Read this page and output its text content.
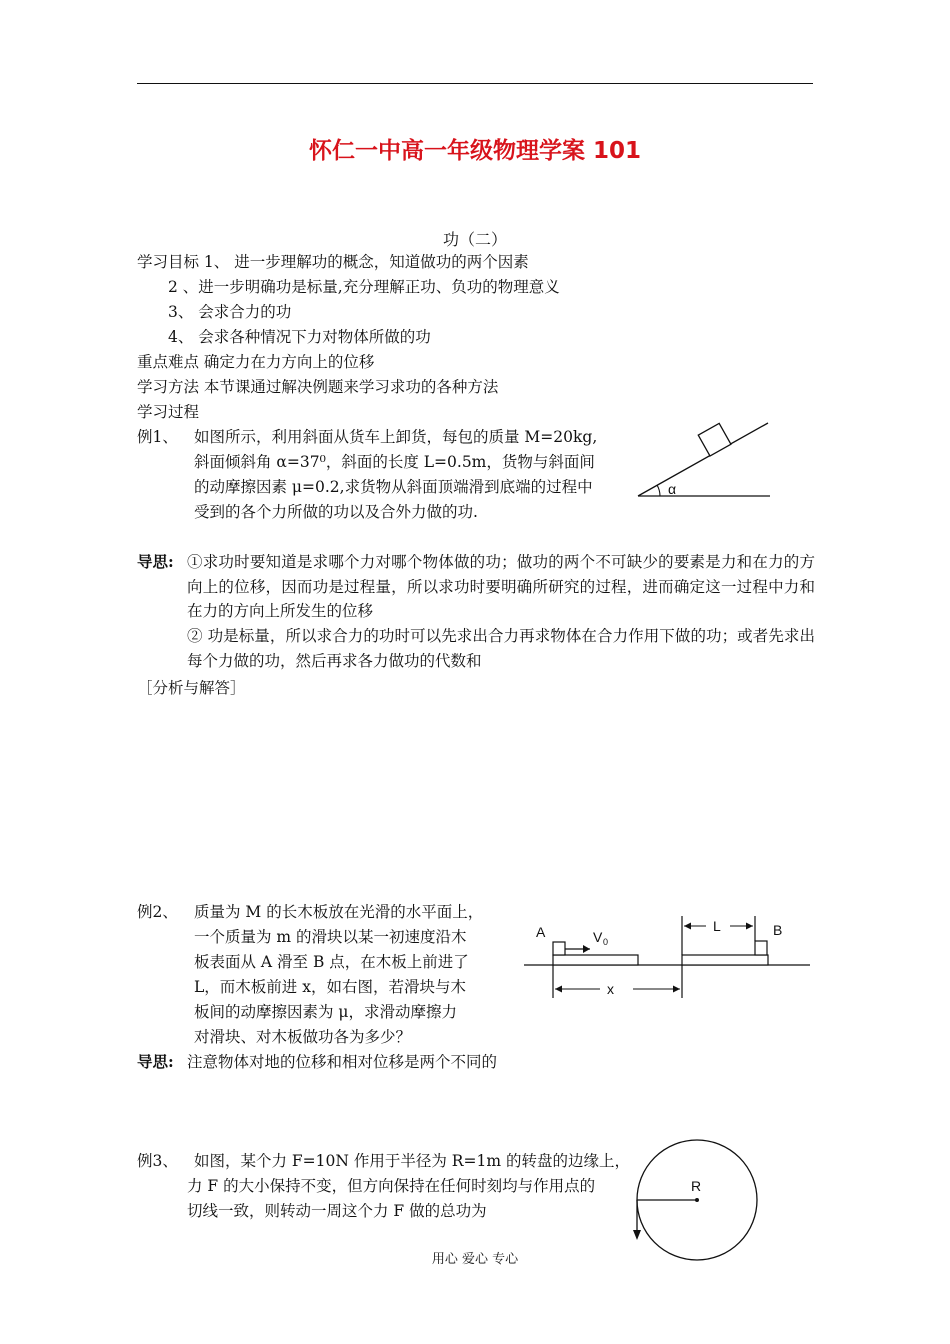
怀仁一中高一年级物理学案 101
功（二）
学习目标 1、 进一步理解功的概念，知道做功的两个因素
2 、进一步明确功是标量,充分理解正功、负功的物理意义
3、 会求合力的功
4、 会求各种情况下力对物体所做的功
重点难点 确定力在力方向上的位移
学习方法 本节课通过解决例题来学习求功的各种方法
学习过程
例1、 如图所示，利用斜面从货车上卸货，每包的质量 M=20kg,
斜面倾斜角 α=37⁰，斜面的长度 L=0.5m，货物与斜面间
的动摩擦因素 μ=0.2,求货物从斜面顶端滑到底端的过程中
受到的各个力所做的功以及合外力做的功.
α
导思: ①求功时要知道是求哪个力对哪个物体做的功；做功的两个不可缺少的要素是力和在力的方向上的位移，因而功是过程量，所以求功时要明确所研究的过程，进而确定这一过程中力和在力的方向上所发生的位移
② 功是标量，所以求合力的功时可以先求出合力再求物体在合力作用下做的功；或者先求出每个力做的功，然后再求各力做功的代数和
［分析与解答］
例2、 质量为 M 的长木板放在光滑的水平面上，
一个质量为 m 的滑块以某一初速度沿木
板表面从 A 滑至 B 点，在木板上前进了
L，而木板前进 x，如右图，若滑块与木
板间的动摩擦因素为 μ，求滑动摩擦力
对滑块、对木板做功各为多少？
A	V 0
B
L
x
导思: 注意物体对地的位移和相对位移是两个不同的
例3、 如图，某个力 F=10N 作用于半径为 R=1m 的转盘的边缘上，
力 F 的大小保持不变，但方向保持在任何时刻均与作用点的
切线一致，则转动一周这个力 F 做的总功为
R
用心 爱心 专心
